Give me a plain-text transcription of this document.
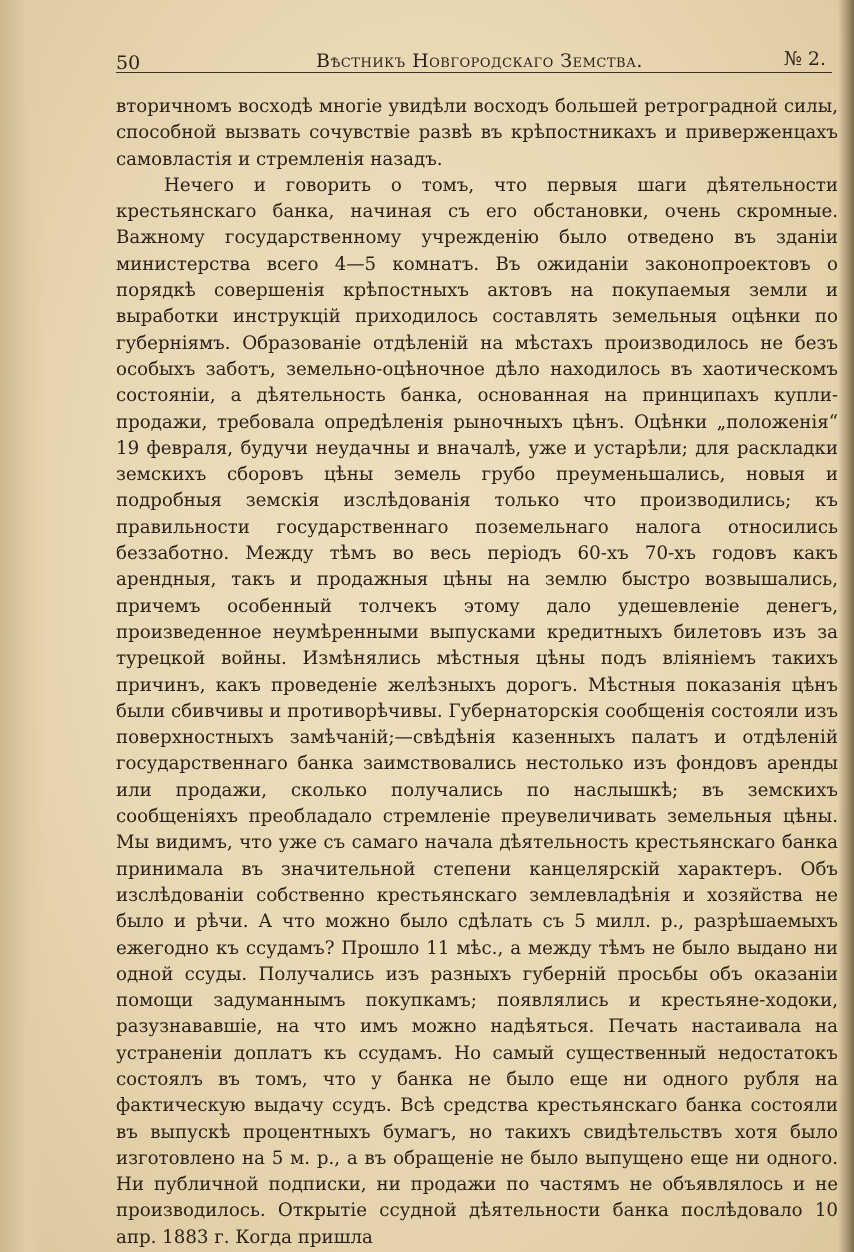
50	Вѣстникъ Новгородскаго Земства.	№ 2.

вторичномъ восходѣ многіе увидѣли восходъ большей ретроградной силы, способной вызвать сочувствіе развѣ въ крѣпостникахъ и приверженцахъ самовластія и стремленія назадъ.

Нечего и говорить о томъ, что первыя шаги дѣятельности крестьянскаго банка, начиная съ его обстановки, очень скромные. Важному государственному учрежденію было отведено въ зданіи министерства всего 4—5 комнатъ. Въ ожиданіи законопроектовъ о порядкѣ совершенія крѣпостныхъ актовъ на покупаемыя земли и выработки инструкцій приходилось составлять земельныя оцѣнки по губерніямъ. Образованіе отдѣленій на мѣстахъ производилось не безъ особыхъ заботъ, земельно-оцѣночное дѣло находилось въ хаотическомъ состояніи, а дѣятельность банка, основанная на принципахъ купли-продажи, требовала опредѣленія рыночныхъ цѣнъ. Оцѣнки „положенія“ 19 февраля, будучи неудачны и вначалѣ, уже и устарѣли; для раскладки земскихъ сборовъ цѣны земель грубо преуменьшались, новыя и подробныя земскія изслѣдованія только что производились; къ правильности государственнаго поземельнаго налога относились беззаботно. Между тѣмъ во весь періодъ 60-хъ 70-хъ годовъ какъ арендныя, такъ и продажныя цѣны на землю быстро возвышались, причемъ особенный толчекъ этому дало удешевленіе денегъ, произведенное неумѣренными выпусками кредитныхъ билетовъ изъ за турецкой войны. Измѣнялись мѣстныя цѣны подъ вліяніемъ такихъ причинъ, какъ проведеніе желѣзныхъ дорогъ. Мѣстныя показанія цѣнъ были сбивчивы и противорѣчивы. Губернаторскія сообщенія состояли изъ поверхностныхъ замѣчаній;—свѣдѣнія казенныхъ палатъ и отдѣленій государственнаго банка заимствовались нестолько изъ фондовъ аренды или продажи, сколько получались по наслышкѣ; въ земскихъ сообщеніяхъ преобладало стремленіе преувеличивать земельныя цѣны. Мы видимъ, что уже съ самаго начала дѣятельность крестьянскаго банка принимала въ значительной степени канцелярскій характеръ. Объ изслѣдованіи собственно крестьянскаго землевладѣнія и хозяйства не было и рѣчи. А что можно было сдѣлать съ 5 милл. р., разрѣшаемыхъ ежегодно къ ссудамъ? Прошло 11 мѣс., а между тѣмъ не было выдано ни одной ссуды. Получались изъ разныхъ губерній просьбы объ оказаніи помощи задуманнымъ покупкамъ; появлялись и крестьяне-ходоки, разузнававшіе, на что имъ можно надѣяться. Печать настаивала на устраненіи доплатъ къ ссудамъ. Но самый существенный недостатокъ состоялъ въ томъ, что у банка не было еще ни одного рубля на фактическую выдачу ссудъ. Всѣ средства крестьянскаго банка состояли въ выпускѣ процентныхъ бумагъ, но такихъ свидѣтельствъ хотя было изготовлено на 5 м. р., а въ обращеніе не было выпущено еще ни одного. Ни публичной подписки, ни продажи по частямъ не объявлялось и не производилось. Открытіе ссудной дѣятельности банка послѣдовало 10 апр. 1883 г. Когда пришла
